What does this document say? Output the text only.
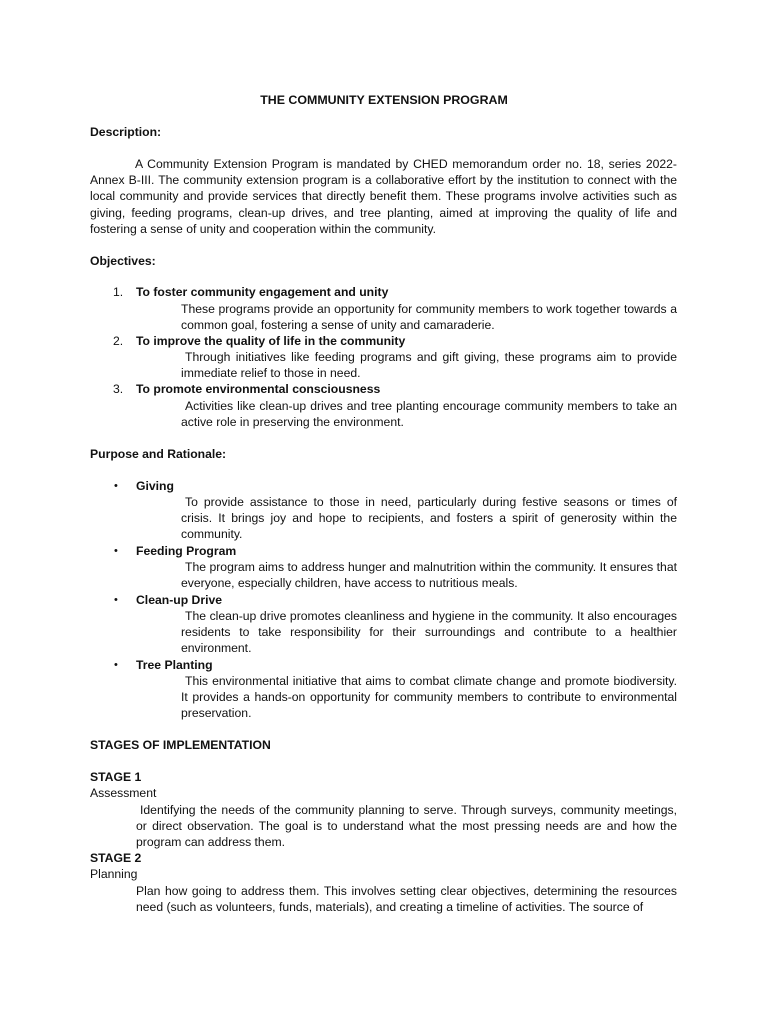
THE COMMUNITY EXTENSION PROGRAM
Description:

A Community Extension Program is mandated by CHED memorandum order no. 18, series 2022- Annex B-III. The community extension program is a collaborative effort by the institution to connect with the local community and provide services that directly benefit them. These programs involve activities such as giving, feeding programs, clean-up drives, and tree planting, aimed at improving the quality of life and fostering a sense of unity and cooperation within the community.

Objectives:
1. To foster community engagement and unity

These programs provide an opportunity for community members to work together towards a common goal, fostering a sense of unity and camaraderie.

2. To improve the quality of life in the community

Through initiatives like feeding programs and gift giving, these programs aim to provide immediate relief to those in need.

3. To promote environmental consciousness

Activities like clean-up drives and tree planting encourage community members to take an active role in preserving the environment.

Purpose and Rationale:
• Giving

To provide assistance to those in need, particularly during festive seasons or times of crisis. It brings joy and hope to recipients, and fosters a spirit of generosity within the community.

• Feeding Program

The program aims to address hunger and malnutrition within the community. It ensures that everyone, especially children, have access to nutritious meals.

• Clean-up Drive

The clean-up drive promotes cleanliness and hygiene in the community. It also encourages residents to take responsibility for their surroundings and contribute to a healthier environment.

• Tree Planting

This environmental initiative that aims to combat climate change and promote biodiversity. It provides a hands-on opportunity for community members to contribute to environmental preservation.

STAGES OF IMPLEMENTATION
STAGE 1
Assessment

Identifying the needs of the community planning to serve. Through surveys, community meetings, or direct observation. The goal is to understand what the most pressing needs are and how the program can address them.

STAGE 2
Planning

Plan how going to address them. This involves setting clear objectives, determining the resources need (such as volunteers, funds, materials), and creating a timeline of activities. The source of
